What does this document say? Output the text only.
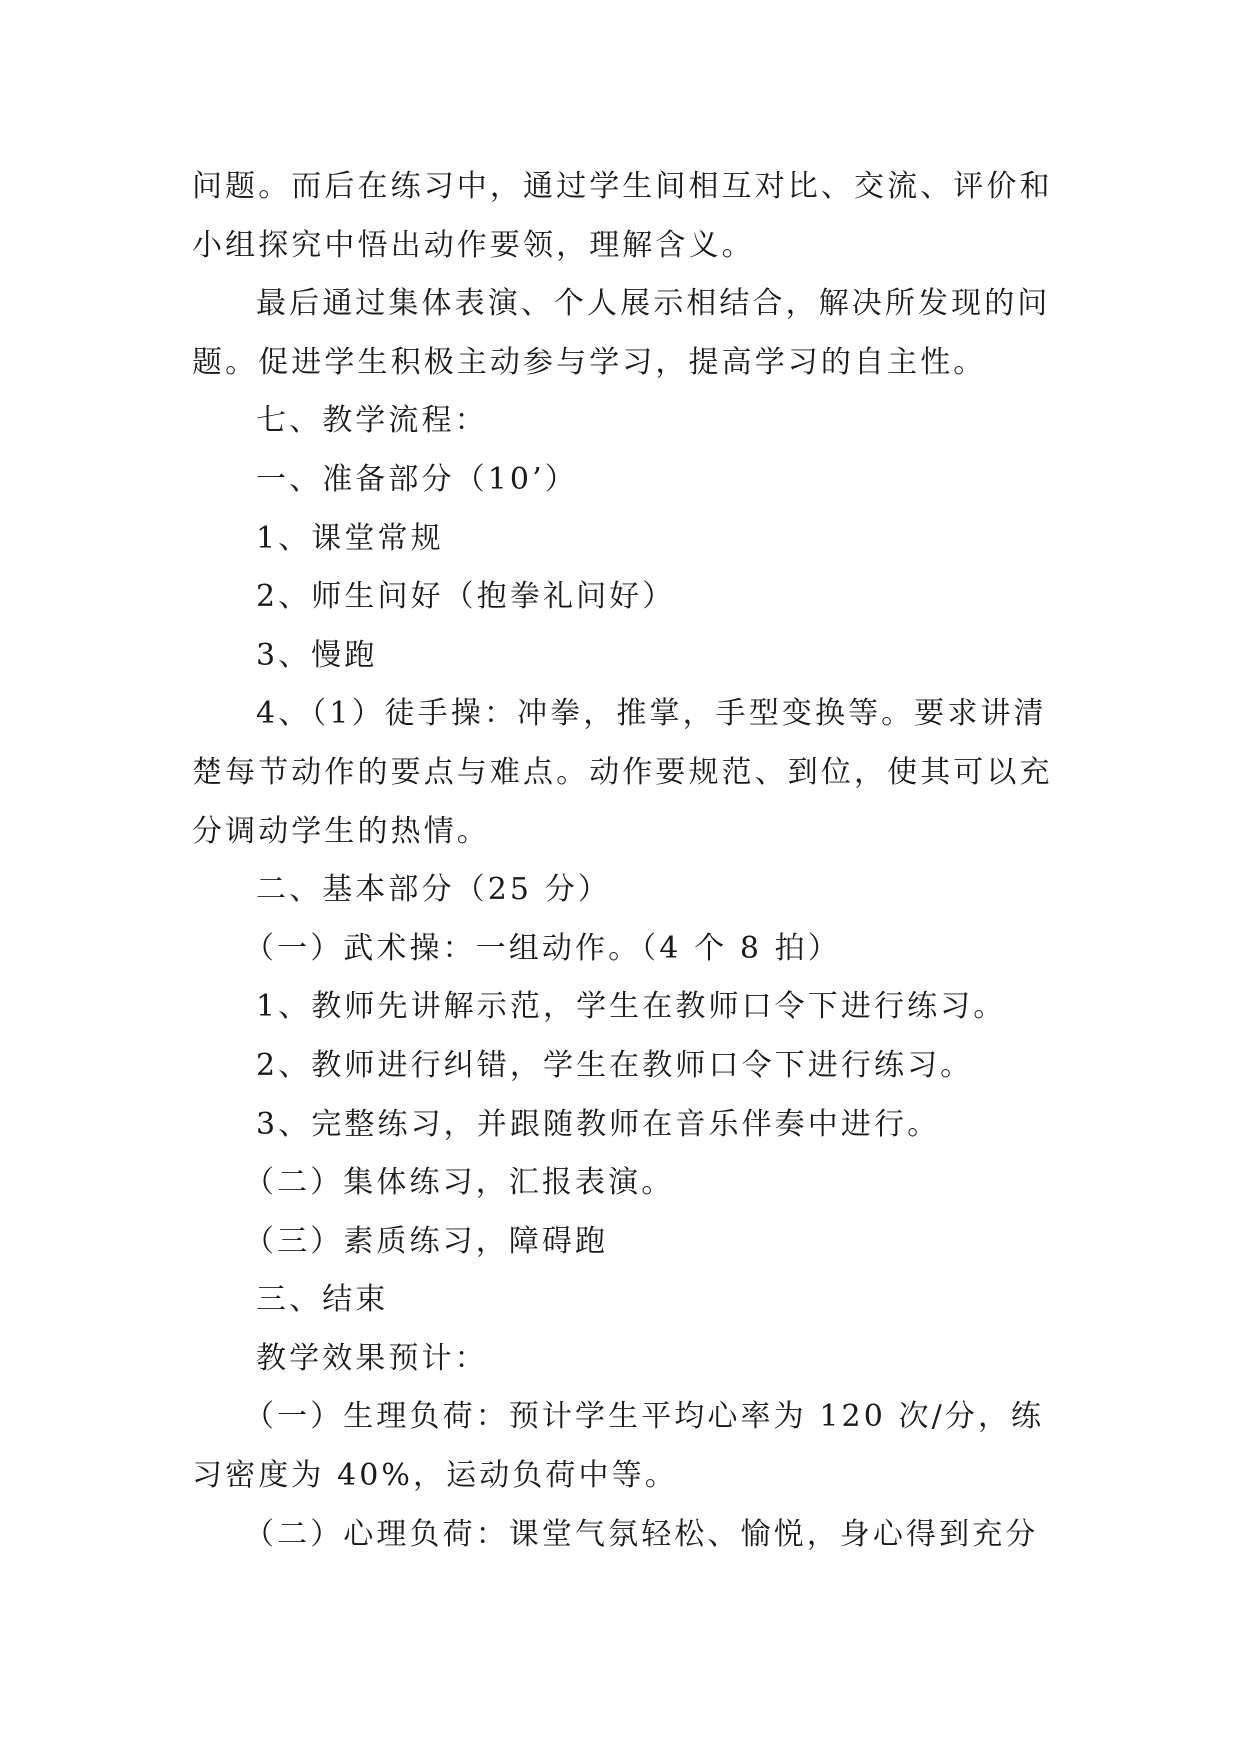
问题。而后在练习中，通过学生间相互对比、交流、评价和
小组探究中悟出动作要领，理解含义。
最后通过集体表演、个人展示相结合，解决所发现的问
题。促进学生积极主动参与学习，提高学习的自主性。
七、教学流程：
一、准备部分（10’）
1、课堂常规
2、师生问好（抱拳礼问好）
3、慢跑
4、（1）徒手操：冲拳，推掌，手型变换等。要求讲清
楚每节动作的要点与难点。动作要规范、到位，使其可以充
分调动学生的热情。
二、基本部分（25 分）
（一）武术操：一组动作。（4 个 8 拍）
1、教师先讲解示范，学生在教师口令下进行练习。
2、教师进行纠错，学生在教师口令下进行练习。
3、完整练习，并跟随教师在音乐伴奏中进行。
（二）集体练习，汇报表演。
（三）素质练习，障碍跑
三、结束
教学效果预计：
（一）生理负荷：预计学生平均心率为 120 次/分，练
习密度为 40%，运动负荷中等。
（二）心理负荷：课堂气氛轻松、愉悦，身心得到充分
